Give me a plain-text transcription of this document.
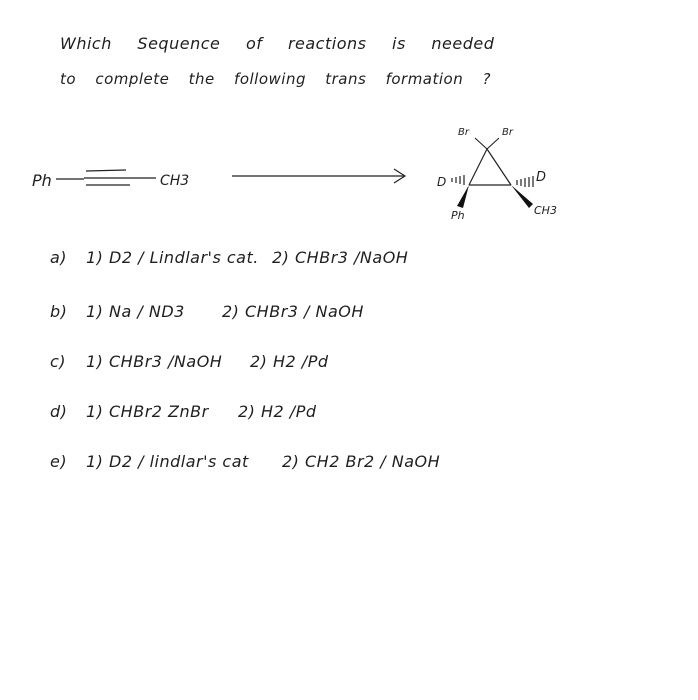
Which Sequence of reactions is needed
to complete the following trans formation ?
Ph	CH3
Br	Br
D
Ph
D
CH3
a) 1) D2 / Lindlar's cat. 2) CHBr3 /NaOH
b) 1) Na / ND3 2) CHBr3 / NaOH
c) 1) CHBr3 /NaOH 2) H2 /Pd
d) 1) CHBr2 ZnBr 2) H2 /Pd
e) 1) D2 / lindlar's cat 2) CH2 Br2 / NaOH
